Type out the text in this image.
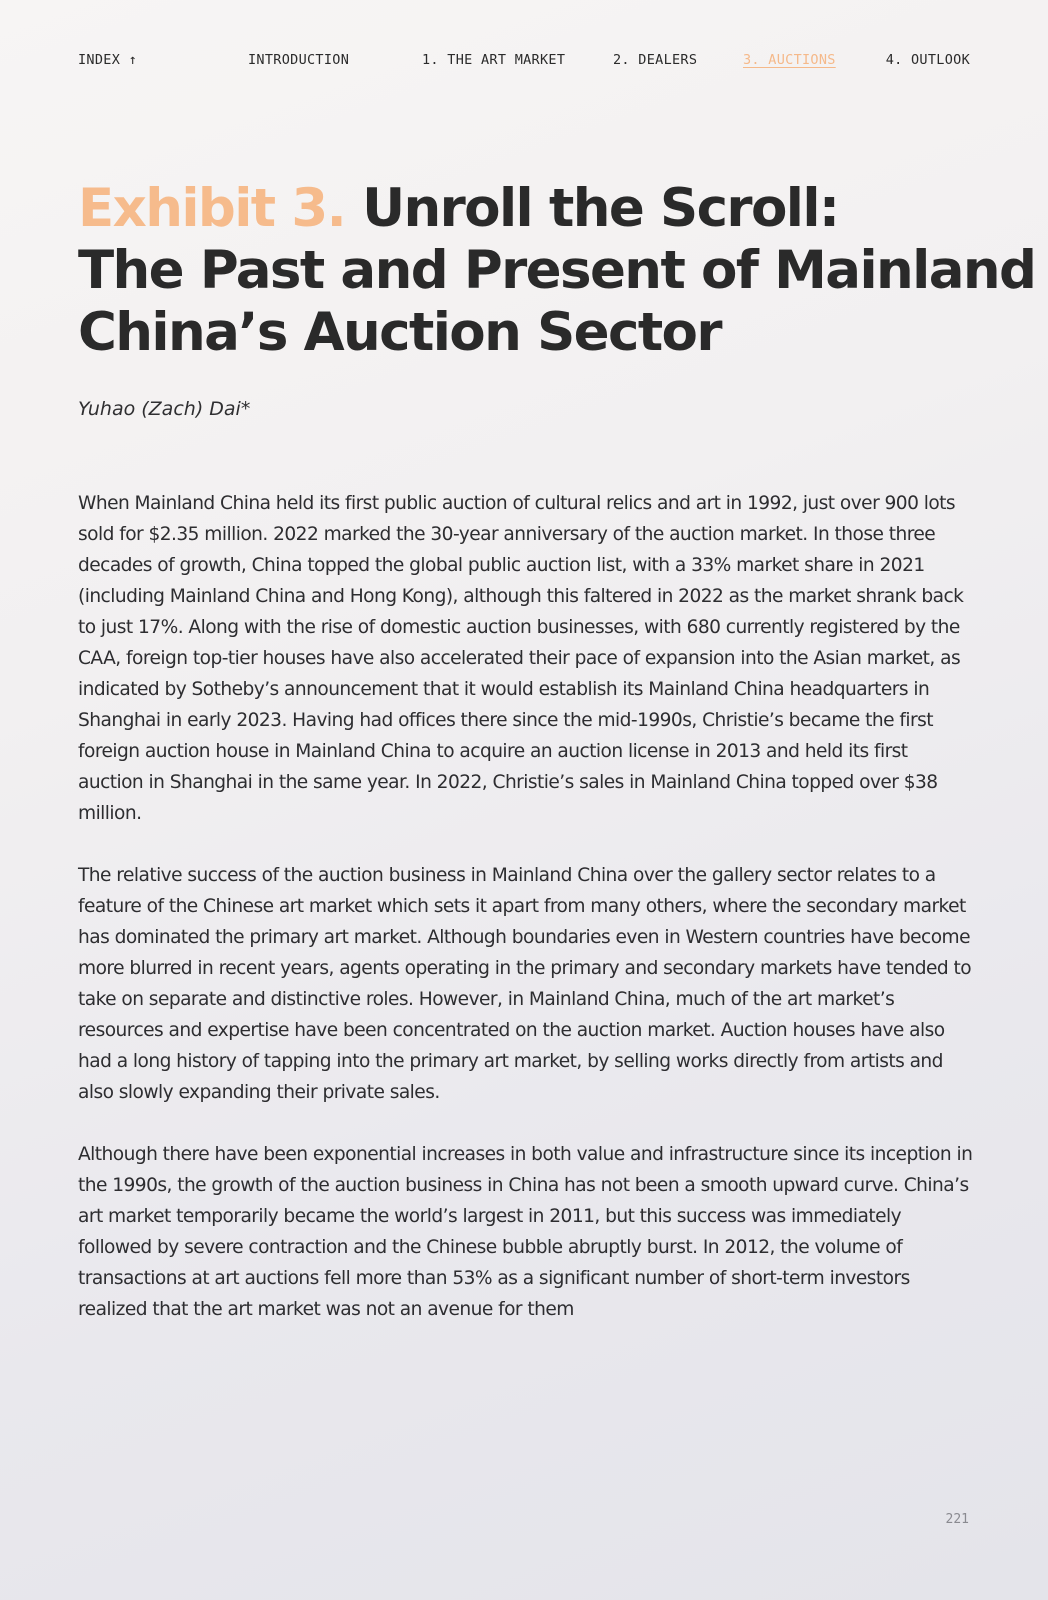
INDEX ↑	INTRODUCTION	1. THE ART MARKET	2. DEALERS	3. AUCTIONS	4. OUTLOOK
Exhibit 3. Unroll the Scroll:
The Past and Present of Mainland
China’s Auction Sector

Yuhao (Zach) Dai*

When Mainland China held its first public auction of cultural relics and art in 1992, just over 900 lots sold for $2.35 million. 2022 marked the 30-year anniversary of the auction market. In those three decades of growth, China topped the global public auction list, with a 33% market share in 2021 (including Mainland China and Hong Kong), although this faltered in 2022 as the market shrank back to just 17%. Along with the rise of domestic auction businesses, with 680 currently registered by the CAA, foreign top-tier houses have also accelerated their pace of expansion into the Asian market, as indicated by Sotheby’s announcement that it would establish its Mainland China headquarters in Shanghai in early 2023. Having had offices there since the mid-1990s, Christie’s became the first foreign auction house in Mainland China to acquire an auction license in 2013 and held its first auction in Shanghai in the same year. In 2022, Christie’s sales in Mainland China topped over $38 million.

The relative success of the auction business in Mainland China over the gallery sector relates to a feature of the Chinese art market which sets it apart from many others, where the secondary market has dominated the primary art market. Although boundaries even in Western countries have become more blurred in recent years, agents operating in the primary and secondary markets have tended to take on separate and distinctive roles. However, in Mainland China, much of the art market’s resources and expertise have been concentrated on the auction market. Auction houses have also had a long history of tapping into the primary art market, by selling works directly from artists and also slowly expanding their private sales.

Although there have been exponential increases in both value and infrastructure since its inception in the 1990s, the growth of the auction business in China has not been a smooth upward curve. China’s art market temporarily became the world’s largest in 2011, but this success was immediately followed by severe contraction and the Chinese bubble abruptly burst. In 2012, the volume of transactions at art auctions fell more than 53% as a significant number of short-term investors realized that the art market was not an avenue for them

221
